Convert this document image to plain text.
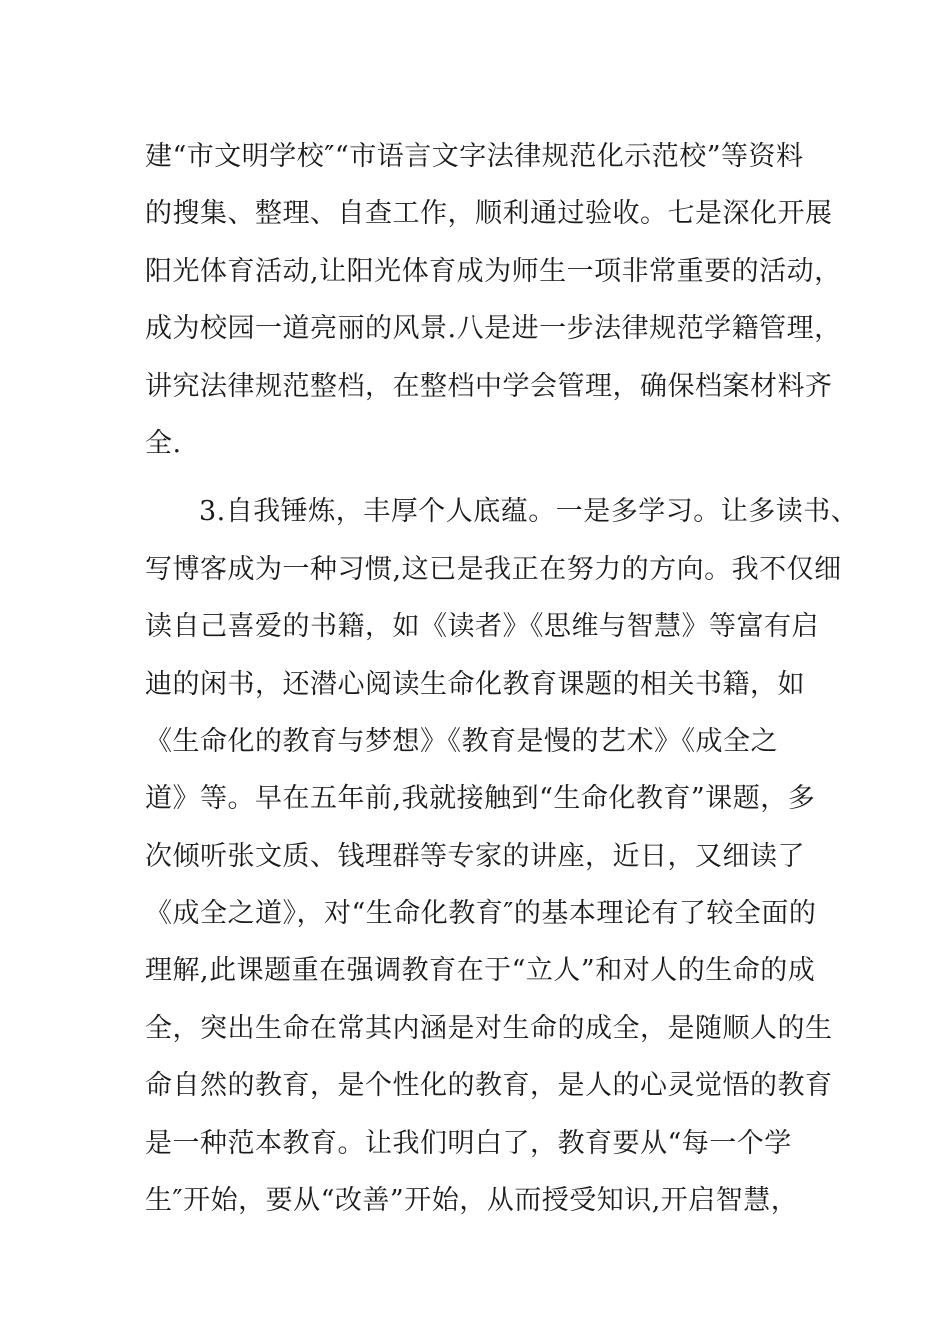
建“市文明学校″“市语言文字法律规范化示范校”等资料
的搜集、整理、自查工作，顺利通过验收。七是深化开展
阳光体育活动,让阳光体育成为师生一项非常重要的活动，
成为校园一道亮丽的风景.八是进一步法律规范学籍管理，
讲究法律规范整档，在整档中学会管理，确保档案材料齐
全.
3.自我锤炼，丰厚个人底蕴。一是多学习。让多读书、
写博客成为一种习惯,这已是我正在努力的方向。我不仅细
读自己喜爱的书籍，如《读者》《思维与智慧》等富有启
迪的闲书，还潜心阅读生命化教育课题的相关书籍，如
《生命化的教育与梦想》《教育是慢的艺术》《成全之
道》等。早在五年前,我就接触到“生命化教育”课题，多
次倾听张文质、钱理群等专家的讲座，近日，又细读了
《成全之道》，对“生命化教育″的基本理论有了较全面的
理解,此课题重在强调教育在于“立人”和对人的生命的成
全，突出生命在常其内涵是对生命的成全，是随顺人的生
命自然的教育，是个性化的教育，是人的心灵觉悟的教育
是一种范本教育。让我们明白了，教育要从“每一个学
生″开始，要从“改善”开始，从而授受知识,开启智慧，
